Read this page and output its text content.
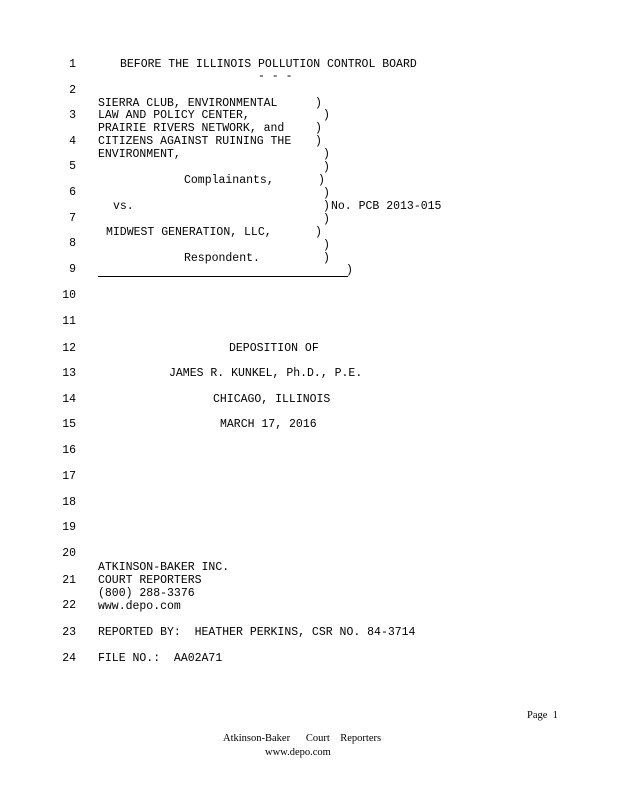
1
2
3
4
5
6
7
8
9
10
11
12
13
14
15
16
17
18
19
20
21
22
23
24
BEFORE THE ILLINOIS POLLUTION CONTROL BOARD
- - -
SIERRA CLUB, ENVIRONMENTAL
LAW AND POLICY CENTER,
PRAIRIE RIVERS NETWORK, and
CITIZENS AGAINST RUINING THE
ENVIRONMENT,
Complainants,
vs.	No. PCB 2013-015
MIDWEST GENERATION, LLC,
Respondent.
)
)
)
)
)
)
)
)
)
)
)
)
)
)
DEPOSITION OF
JAMES R. KUNKEL, Ph.D., P.E.
CHICAGO, ILLINOIS
MARCH 17, 2016
ATKINSON-BAKER INC.
COURT REPORTERS
(800) 288-3376
www.depo.com
REPORTED BY:  HEATHER PERKINS, CSR NO. 84-3714
FILE NO.:  AA02A71
Page  1
Atkinson-Baker      Court    Reporters
www.depo.com
